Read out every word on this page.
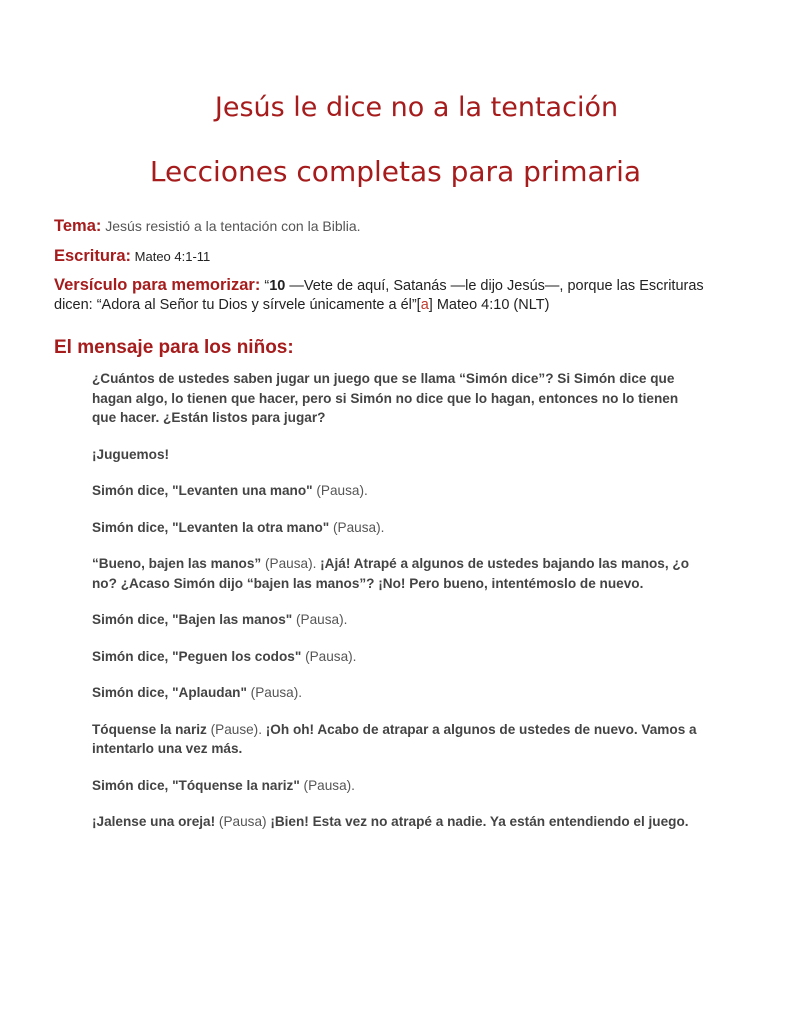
Jesús le dice no a la tentación
Lecciones completas para primaria

Tema: Jesús resistió a la tentación con la Biblia.

Escritura: Mateo 4:1-11

Versículo para memorizar: “10 —Vete de aquí, Satanás —le dijo Jesús—, porque las Escrituras dicen: “Adora al Señor tu Dios y sírvele únicamente a él”[a] Mateo 4:10 (NLT)

El mensaje para los niños:

¿Cuántos de ustedes saben jugar un juego que se llama “Simón dice”? Si Simón dice que hagan algo, lo tienen que hacer, pero si Simón no dice que lo hagan, entonces no lo tienen que hacer. ¿Están listos para jugar?

¡Juguemos!

Simón dice, "Levanten una mano" (Pausa).

Simón dice, "Levanten la otra mano" (Pausa).

“Bueno, bajen las manos” (Pausa). ¡Ajá! Atrapé a algunos de ustedes bajando las manos, ¿o no? ¿Acaso Simón dijo “bajen las manos”? ¡No! Pero bueno, intentémoslo de nuevo.

Simón dice, "Bajen las manos" (Pausa).

Simón dice, "Peguen los codos" (Pausa).

Simón dice, "Aplaudan" (Pausa).

Tóquense la nariz (Pause). ¡Oh oh! Acabo de atrapar a algunos de ustedes de nuevo. Vamos a intentarlo una vez más.

Simón dice, "Tóquense la nariz" (Pausa).

¡Jalense una oreja! (Pausa) ¡Bien! Esta vez no atrapé a nadie. Ya están entendiendo el juego.
